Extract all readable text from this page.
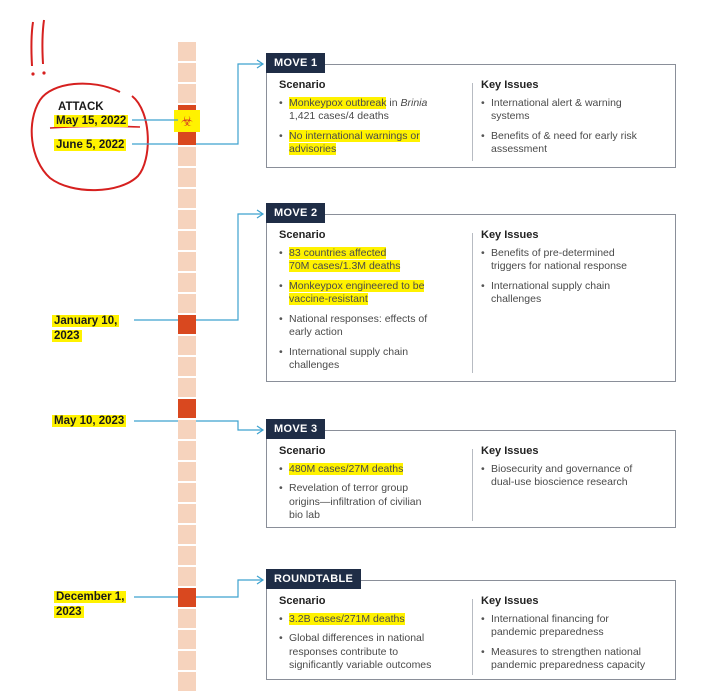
☣
ATTACK
May 15, 2022
June 5, 2022
January 10,
2023
May 10, 2023
December 1,
2023
MOVE 1
Scenario
• Monkeypox outbreak in Brinia
1,421 cases/4 deaths
• No international warnings or
advisories
Key Issues
• International alert & warning
systems
• Benefits of & need for early risk
assessment
MOVE 2
Scenario
• 83 countries affected
70M cases/1.3M deaths
• Monkeypox engineered to be
vaccine-resistant
• National responses: effects of
early action
• International supply chain
challenges
Key Issues
• Benefits of pre-determined
triggers for national response
• International supply chain
challenges
MOVE 3
Scenario
• 480M cases/27M deaths
• Revelation of terror group
origins—infiltration of civilian
bio lab
Key Issues
• Biosecurity and governance of
dual-use bioscience research
ROUNDTABLE
Scenario
• 3.2B cases/271M deaths
• Global differences in national
responses contribute to
significantly variable outcomes
Key Issues
• International financing for
pandemic preparedness
• Measures to strengthen national
pandemic preparedness capacity
